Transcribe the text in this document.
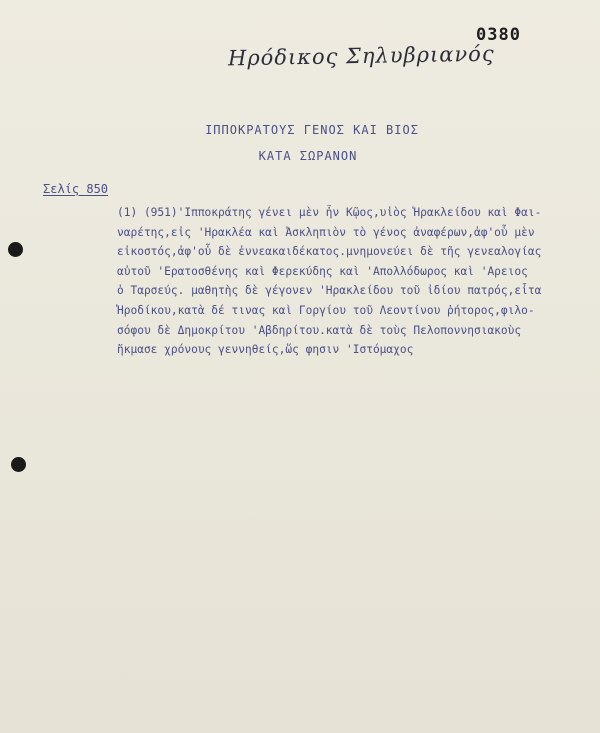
0380
Ηρόδικος Σηλυβριανός
ΙΠΠΟΚΡΑΤΟΥΣ ΓΕΝΟΣ ΚΑΙ ΒΙΟΣ
ΚΑΤΑ ΣΩΡΑΝΟΝ
Σελίς 850
(1) (951)'Ιπποκράτης γένει μὲν ἦν Κῷος,υἱὸς Ἡρακλείδου καὶ Φαι-
ναρέτης,εἰς 'Ηρακλέα καὶ Ἀσκληπιὸν τὸ γένος ἀναφέρων,ἀφ'οὗ μὲν
εἰκοστός,ἀφ'οὗ δὲ ἐννεακαιδέκατος.μνημονεύει δὲ τῆς γενεαλογίας
αὐτοῦ 'Ερατοσθένης καὶ Φερεκύδης καὶ 'Απολλόδωρος καὶ 'Αρειος
ὁ Ταρσεύς. μαθητὴς δὲ γέγονεν 'Ηρακλείδου τοῦ ἰδίου πατρός,εἶτα
Ἡροδίκου,κατὰ δέ τινας καὶ Γοργίου τοῦ Λεοντίνου ῥήτορος,φιλο-
σόφου δὲ Δημοκρίτου 'Αβδηρίτου.κατὰ δὲ τοὺς Πελοποννησιακοὺς
ἤκμασε χρόνους γεννηθείς,ὥς φησιν 'Ιστόμαχος
